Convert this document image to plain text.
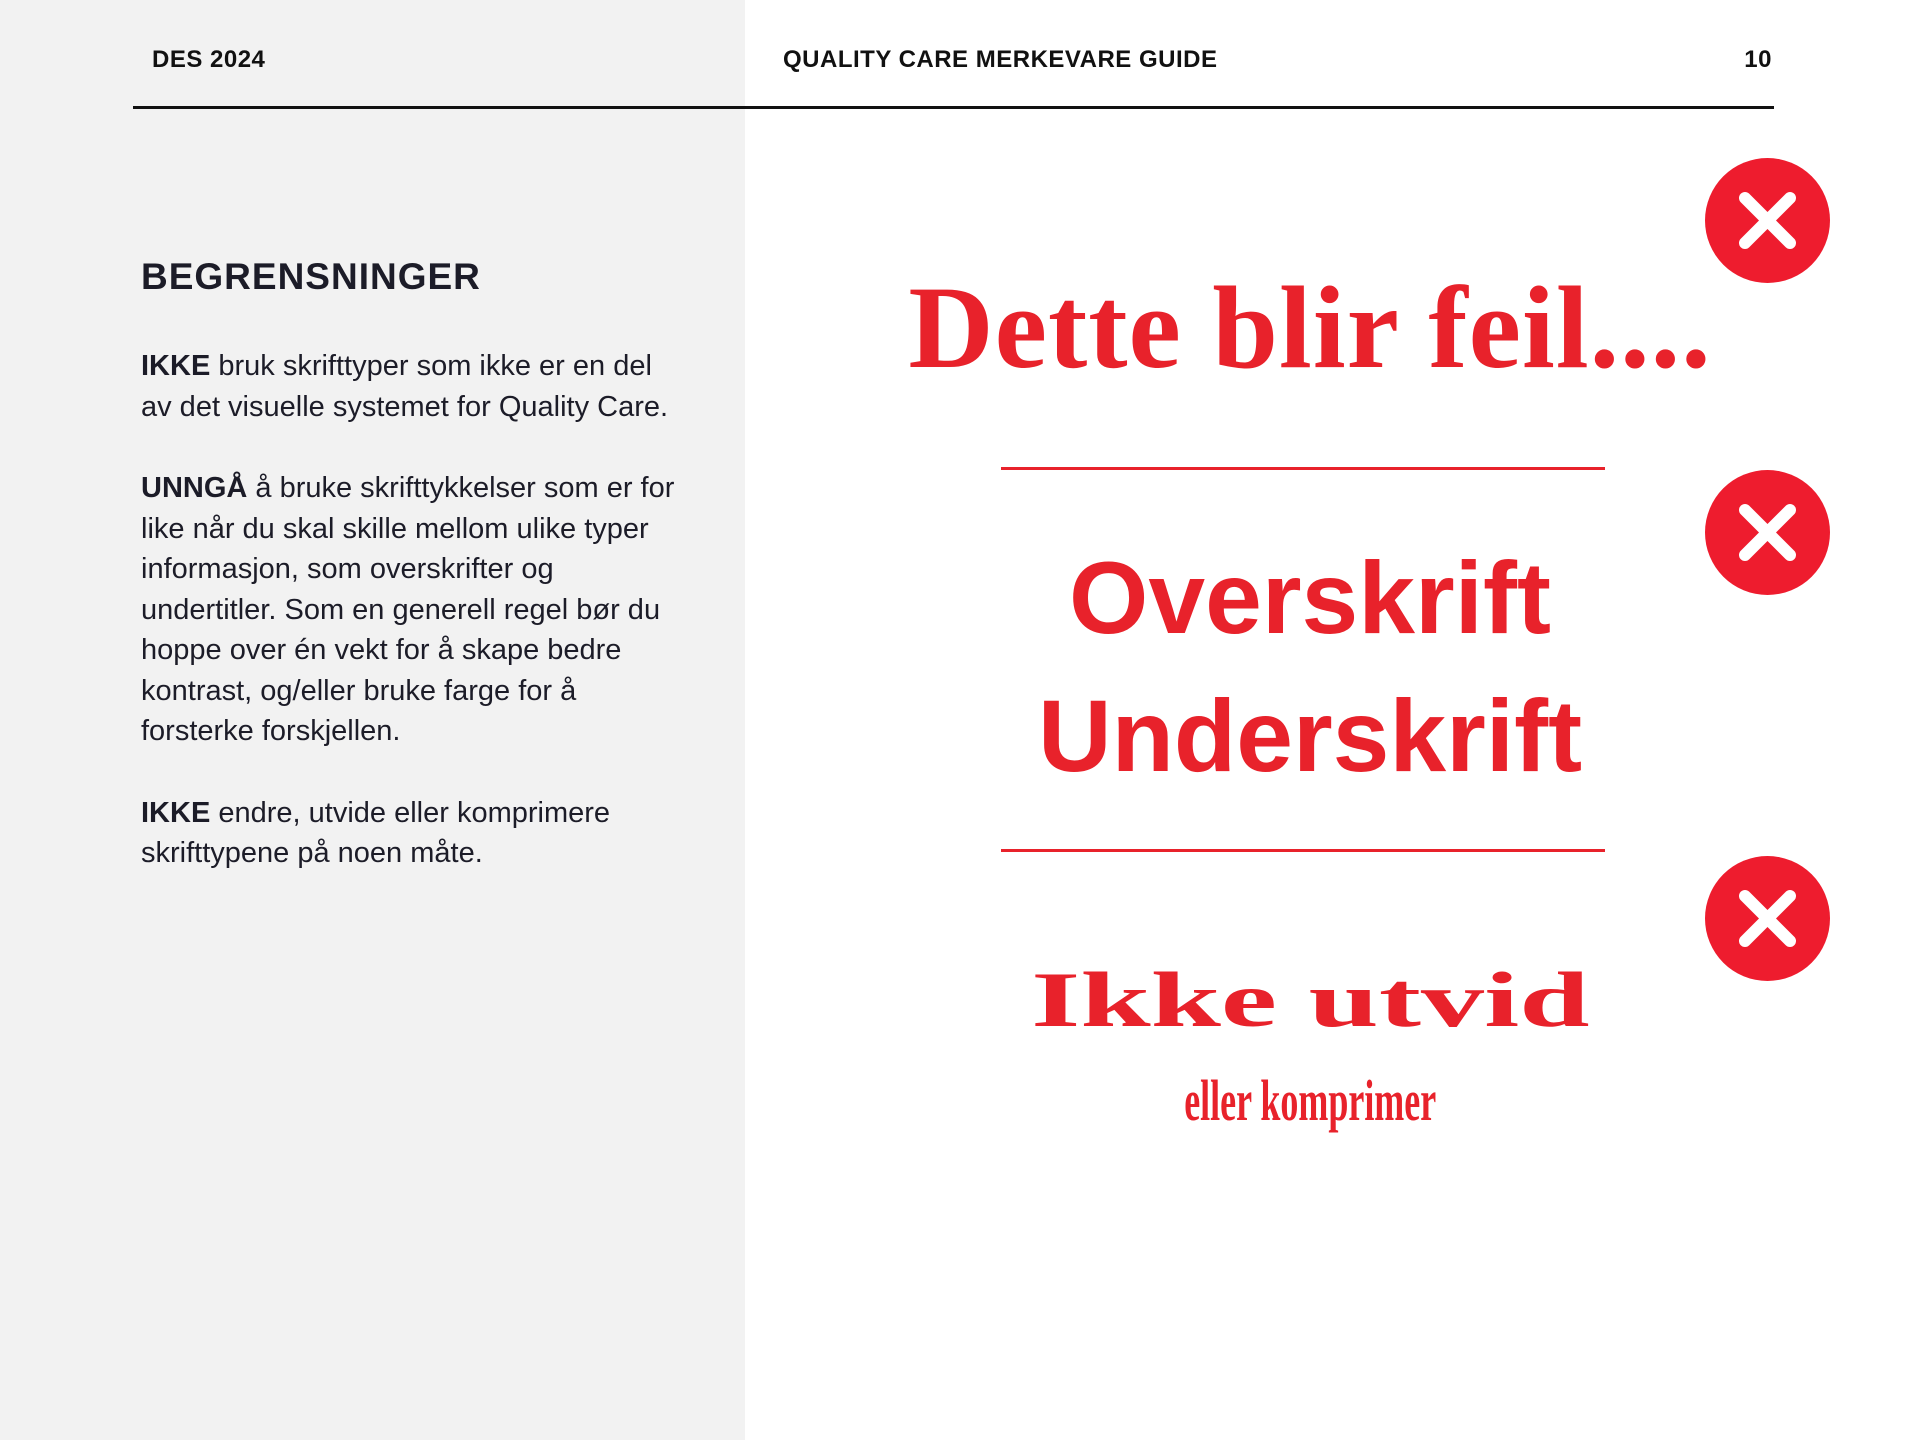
DES 2024	QUALITY CARE MERKEVARE GUIDE	10
BEGRENSNINGER

IKKE bruk skrifttyper som ikke er en del av det visuelle systemet for Quality Care.

UNNGÅ å bruke skrifttykkelser som er for like når du skal skille mellom ulike typer informasjon, som overskrifter og undertitler. Som en generell regel bør du hoppe over én vekt for å skape bedre kontrast, og/eller bruke farge for å forsterke forskjellen.

IKKE endre, utvide eller komprimere skrifttypene på noen måte.

Dette blir feil....
Overskrift
Underskrift
Ikke utvid
eller komprimer
